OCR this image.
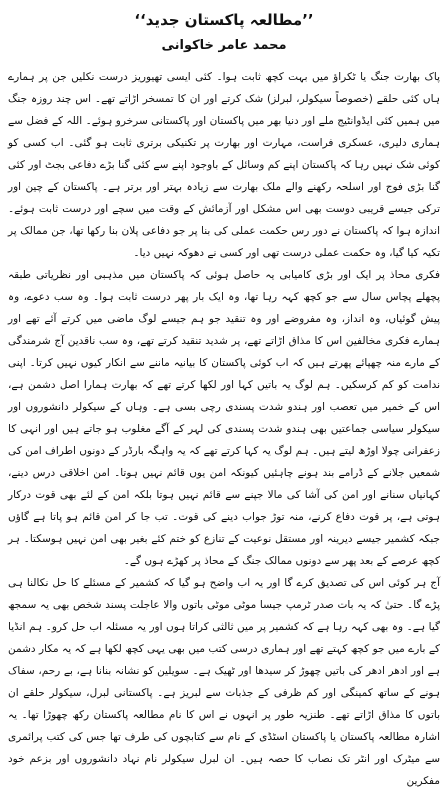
’’مطالعہ پاکستان جدید‘‘
محمد عامر خاکوانی

پاک بھارت جنگ یا ٹکراؤ میں بہت کچھ ثابت ہوا۔ کئی ایسی تھیوریز درست نکلیں جن پر ہمارے ہاں کئی حلقے (خصوصاً سیکولر، لبرلز) شک کرتے اور ان کا تمسخر اڑاتے تھے۔ اس چند روزہ جنگ میں ہمیں کئی ایڈوانٹیج ملے اور دنیا بھر میں پاکستان اور پاکستانی سرخرو ہوئے۔ اللہ کے فضل سے ہماری دلیری، عسکری فراست، مہارت اور بھارت پر تکنیکی برتری ثابت ہو گئی۔ اب کسی کو کوئی شک نہیں رہا کہ پاکستان اپنے کم وسائل کے باوجود اپنے سے کئی گنا بڑے دفاعی بجٹ اور کئی گنا بڑی فوج اور اسلحہ رکھنے والے ملک بھارت سے زیادہ بہتر اور برتر ہے۔ پاکستان کے چین اور ترکی جیسے قریبی دوست بھی اس مشکل اور آزمائش کے وقت میں سچے اور درست ثابت ہوئے۔ اندازہ ہوا کہ پاکستان نے دور رس حکمت عملی کی بنا پر جو دفاعی پلان بنا رکھا تھا، جن ممالک پر تکیہ کیا گیا، وہ حکمت عملی درست تھی اور کسی نے دھوکہ نہیں دیا۔

فکری محاذ پر ایک اور بڑی کامیابی یہ حاصل ہوئی کہ پاکستان میں مذہبی اور نظریاتی طبقہ پچھلے پچاس سال سے جو کچھ کہہ رہا تھا، وہ ایک بار پھر درست ثابت ہوا۔ وہ سب دعوے، وہ پیش گوئیاں، وہ انداز، وہ مفروضے اور وہ تنقید جو ہم جیسے لوگ ماضی میں کرتے آئے تھے اور ہمارے فکری مخالفین اس کا مذاق اڑاتے تھے، پر شدید تنقید کرتے تھے، وہ سب ناقدین آج شرمندگی کے مارے منہ چھپائے پھرتے ہیں کہ اب کوئی پاکستان کا بیانیہ ماننے سے انکار کیوں نہیں کرتا۔ اپنی ندامت کو کم کرسکیں۔ ہم لوگ یہ باتیں کہا اور لکھا کرتے تھے کہ بھارت ہمارا اصل دشمن ہے، اس کے خمیر میں تعصب اور ہندو شدت پسندی رچی بسی ہے۔ وہاں کے سیکولر دانشوروں اور سیکولر سیاسی جماعتیں بھی ہندو شدت پسندی کی لہر کے آگے مغلوب ہو جاتے ہیں اور انہی کا زعفرانی چولا اوڑھ لیتے ہیں۔ ہم لوگ یہ کہا کرتے تھے کہ یہ واہگہ بارڈر کے دونوں اطراف امن کی شمعیں جلانے کے ڈرامے بند ہونے چاہئیں کیونکہ امن یوں قائم نہیں ہوتا۔ امن اخلاقی درس دینے، کہانیاں سنانے اور امن کی آشا کی مالا جپنے سے قائم نہیں ہوتا بلکہ امن کے لئے بھی قوت درکار ہوتی ہے، پر قوت دفاع کرنے، منہ توڑ جواب دینے کی قوت۔ تب جا کر امن قائم ہو پاتا ہے گاؤں جبکہ کشمیر جیسے دیرینہ اور مستقل نوعیت کے تنازع کو ختم کئے بغیر بھی امن نہیں ہوسکتا۔ ہر کچھ عرصے کے بعد پھر سے دونوں ممالک جنگ کے محاذ پر کھڑے ہوں گے۔

آج ہر کوئی اس کی تصدیق کرے گا اور یہ اب واضح ہو گیا کہ کشمیر کے مسئلے کا حل نکالنا ہی پڑے گا۔ حتیٰ کہ یہ بات صدر ٹرمپ جیسا موٹی موٹی باتوں والا عاجلت پسند شخص بھی یہ سمجھ گیا ہے۔ وہ بھی کہہ رہا ہے کہ کشمیر پر میں ثالثی کراتا ہوں اور یہ مسئلہ اب حل کرو۔ ہم انڈیا کے بارے میں جو کچھ کہتے تھے اور ہماری درسی کتب میں بھی یہی کچھ لکھا ہے کہ یہ مکار دشمن ہے اور ادھر ادھر کی باتیں چھوڑ کر سیدھا اور ٹھیک ہے۔ سویلین کو نشانہ بنانا ہے، بے رحم، سفاک ہونے کے ساتھ کمینگی اور کم ظرفی کے جذبات سے لبریز ہے۔ پاکستانی لبرل، سیکولر حلقے ان باتوں کا مذاق اڑاتے تھے۔ طنزیہ طور پر انہوں نے اس کا نام مطالعہ پاکستان رکھ چھوڑا تھا۔ یہ اشارہ مطالعہ پاکستان یا پاکستان اسٹڈی کے نام سے کتابچوں کی طرف تھا جس کی کتب پرائمری سے میٹرک اور انٹر تک نصاب کا حصہ ہیں۔ ان لبرل سیکولر نام نہاد دانشوروں اور بزعم خود مفکرین
